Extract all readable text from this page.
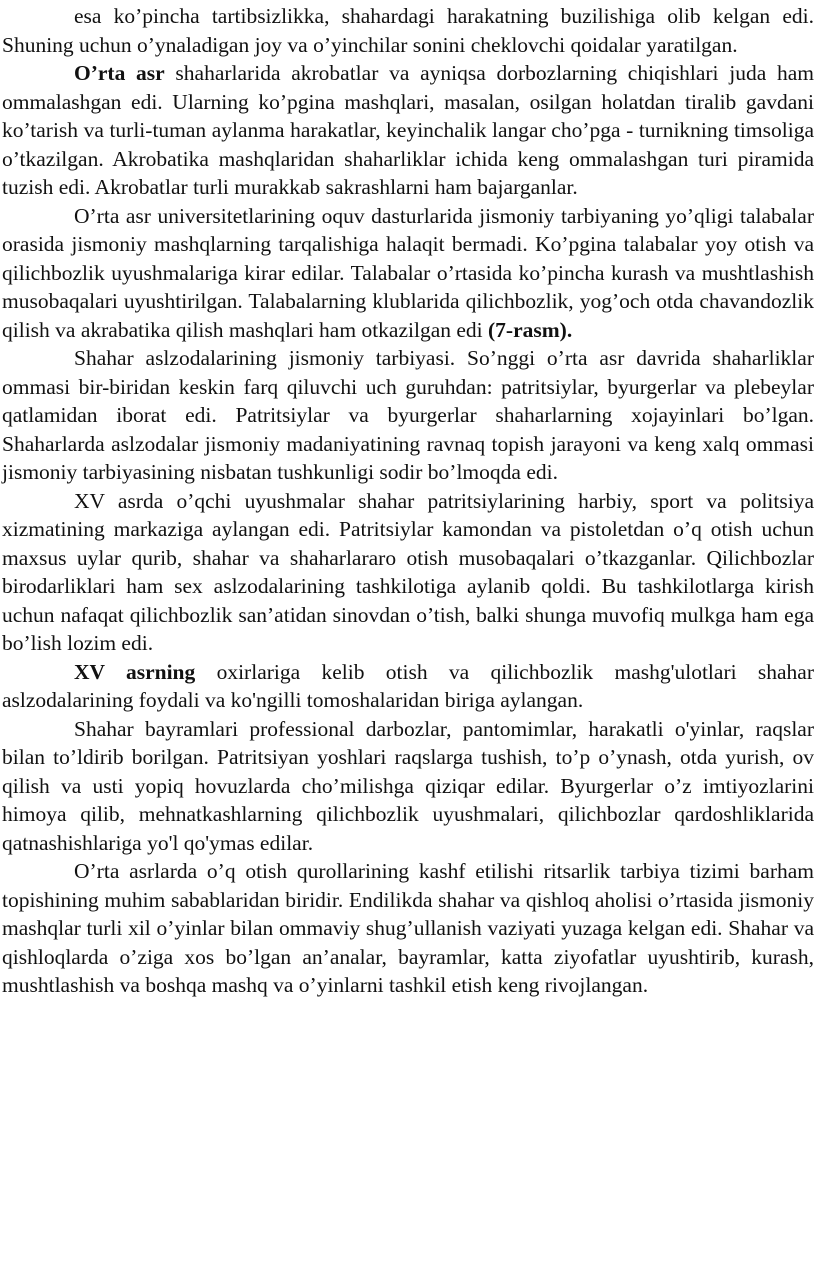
esa ko’pincha tartibsizlikka, shahardagi harakatning buzilishiga olib kelgan edi. Shuning uchun o’ynaladigan joy va o’yinchilar sonini cheklovchi qoidalar yaratilgan.

O’rta asr shaharlarida akrobatlar va ayniqsa dorbozlarning chiqishlari juda ham ommalashgan edi. Ularning ko’pgina mashqlari, masalan, osilgan holatdan tiralib gavdani ko’tarish va turli-tuman aylanma harakatlar, keyinchalik langar cho’pga - turnikning timsoliga o’tkazilgan. Akrobatika mashqlaridan shaharliklar ichida keng ommalashgan turi piramida tuzish edi. Akrobatlar turli murakkab sakrashlarni ham bajarganlar.

O’rta asr universitetlarining oquv dasturlarida jismoniy tarbiyaning yo’qligi talabalar orasida jismoniy mashqlarning tarqalishiga halaqit bermadi. Ko’pgina talabalar yoy otish va qilichbozlik uyushmalariga kirar edilar. Talabalar o’rtasida ko’pincha kurash va mushtlashish musobaqalari uyushtirilgan. Talabalarning klublarida qilichbozlik, yog’och otda chavandozlik qilish va akrabatika qilish mashqlari ham otkazilgan edi (7-rasm).

Shahar aslzodalarining jismoniy tarbiyasi. So’nggi o’rta asr davrida shaharliklar ommasi bir-biridan keskin farq qiluvchi uch guruhdan: patritsiylar, byurgerlar va plebeylar qatlamidan iborat edi. Patritsiylar va byurgerlar shaharlarning xojayinlari bo’lgan. Shaharlarda aslzodalar jismoniy madaniyatining ravnaq topish jarayoni va keng xalq ommasi jismoniy tarbiyasining nisbatan tushkunligi sodir bo’lmoqda edi.

XV asrda o’qchi uyushmalar shahar patritsiylarining harbiy, sport va politsiya xizmatining markaziga aylangan edi. Patritsiylar kamondan va pistoletdan o’q otish uchun maxsus uylar qurib, shahar va shaharlararo otish musobaqalari o’tkazganlar. Qilichbozlar birodarliklari ham sex aslzodalarining tashkilotiga aylanib qoldi. Bu tashkilotlarga kirish uchun nafaqat qilichbozlik san’atidan sinovdan o’tish, balki shunga muvofiq mulkga ham ega bo’lish lozim edi.

XV asrning oxirlariga kelib otish va qilichbozlik mashg'ulotlari shahar aslzodalarining foydali va ko'ngilli tomoshalaridan biriga aylangan.

Shahar bayramlari professional darbozlar, pantomimlar, harakatli o'yinlar, raqslar bilan to’ldirib borilgan. Patritsiyan yoshlari raqslarga tushish, to’p o’ynash, otda yurish, ov qilish va usti yopiq hovuzlarda cho’milishga qiziqar edilar. Byurgerlar o’z imtiyozlarini himoya qilib, mehnatkashlarning qilichbozlik uyushmalari, qilichbozlar qardoshliklarida qatnashishlariga yo'l qo'ymas edilar.

O’rta asrlarda o’q otish qurollarining kashf etilishi ritsarlik tarbiya tizimi barham topishining muhim sabablaridan biridir. Endilikda shahar va qishloq aholisi o’rtasida jismoniy mashqlar turli xil o’yinlar bilan ommaviy shug’ullanish vaziyati yuzaga kelgan edi. Shahar va qishloqlarda o’ziga xos bo’lgan an’analar, bayramlar, katta ziyofatlar uyushtirib, kurash, mushtlashish va boshqa mashq va o’yinlarni tashkil etish keng rivojlangan.
